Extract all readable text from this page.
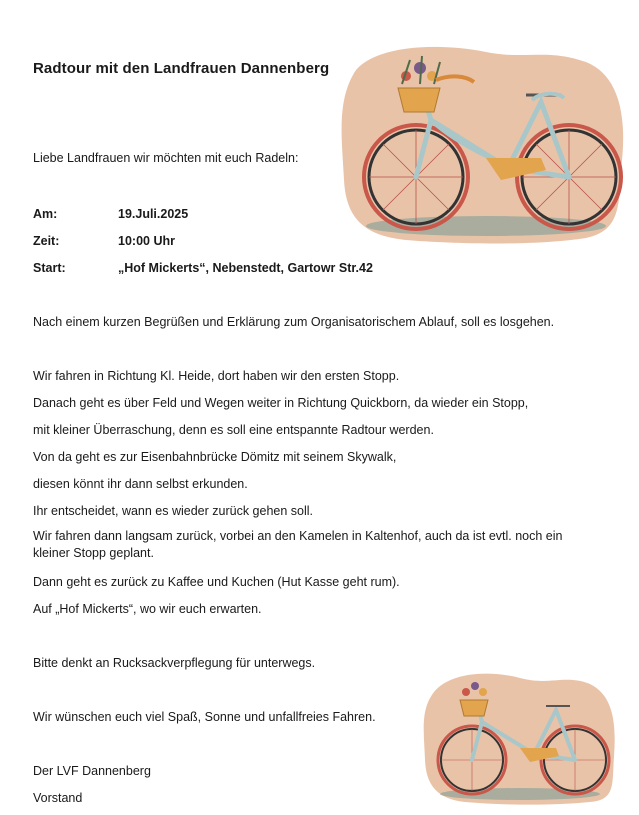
Radtour mit den Landfrauen Dannenberg
Liebe Landfrauen wir möchten mit euch Radeln:
Am:	19.Juli.2025
Zeit:	10:00 Uhr
Start:	„Hof Mickerts“, Nebenstedt, Gartowr Str.42
Nach einem kurzen Begrüßen und Erklärung zum Organisatorischem Ablauf, soll es losgehen.
Wir fahren in Richtung Kl. Heide, dort haben wir den ersten Stopp.
Danach geht es über Feld und Wegen weiter in Richtung Quickborn, da wieder ein Stopp,
mit kleiner Überraschung, denn es soll eine entspannte Radtour werden.
Von da geht es zur Eisenbahnbrücke Dömitz mit seinem Skywalk,
diesen könnt ihr dann selbst erkunden.
Ihr entscheidet, wann es wieder zurück gehen soll.
Wir fahren dann langsam zurück, vorbei an den Kamelen in Kaltenhof, auch da ist evtl. noch ein kleiner Stopp geplant.
Dann geht es zurück zu Kaffee und Kuchen (Hut Kasse geht rum).
Auf „Hof Mickerts“, wo wir euch erwarten.
Bitte denkt an Rucksackverpflegung für unterwegs.
Wir wünschen euch viel Spaß, Sonne und unfallfreies Fahren.
Der LVF Dannenberg
Vorstand
